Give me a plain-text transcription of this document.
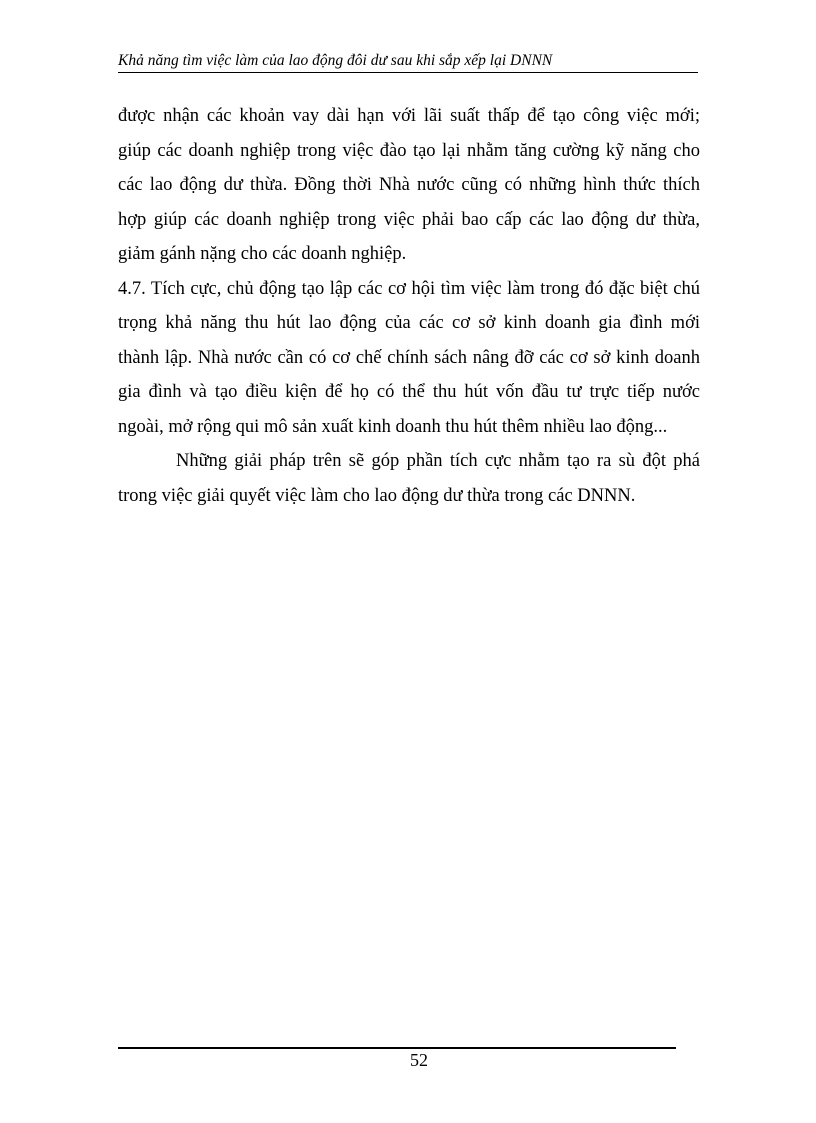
Khả năng tìm việc làm của lao động đôi dư sau khi sắp xếp lại DNNN
được nhận các khoản vay dài hạn với lãi suất thấp để tạo công việc mới;
giúp các doanh nghiệp trong việc đào tạo lại nhằm tăng cường kỹ năng cho
các lao động dư thừa. Đồng thời Nhà nước cũng có những hình thức thích
hợp giúp các doanh nghiệp trong việc phải bao cấp các lao động dư thừa,
giảm gánh nặng cho các doanh nghiệp.
4.7. Tích cực, chủ động tạo lập các cơ hội tìm việc làm trong đó đặc biệt chú
trọng khả năng thu hút lao động của các cơ sở kinh doanh gia đình mới
thành lập. Nhà nước cần có cơ chế chính sách nâng đỡ các cơ sở kinh doanh
gia đình và tạo điều kiện để họ có thể thu hút vốn đầu tư trực tiếp nước
ngoài, mở rộng qui mô sản xuất kinh doanh thu hút thêm nhiều lao động...
Những giải pháp trên sẽ góp phần tích cực nhằm tạo ra sù đột phá
trong việc giải quyết việc làm cho lao động dư thừa trong các DNNN.
52
